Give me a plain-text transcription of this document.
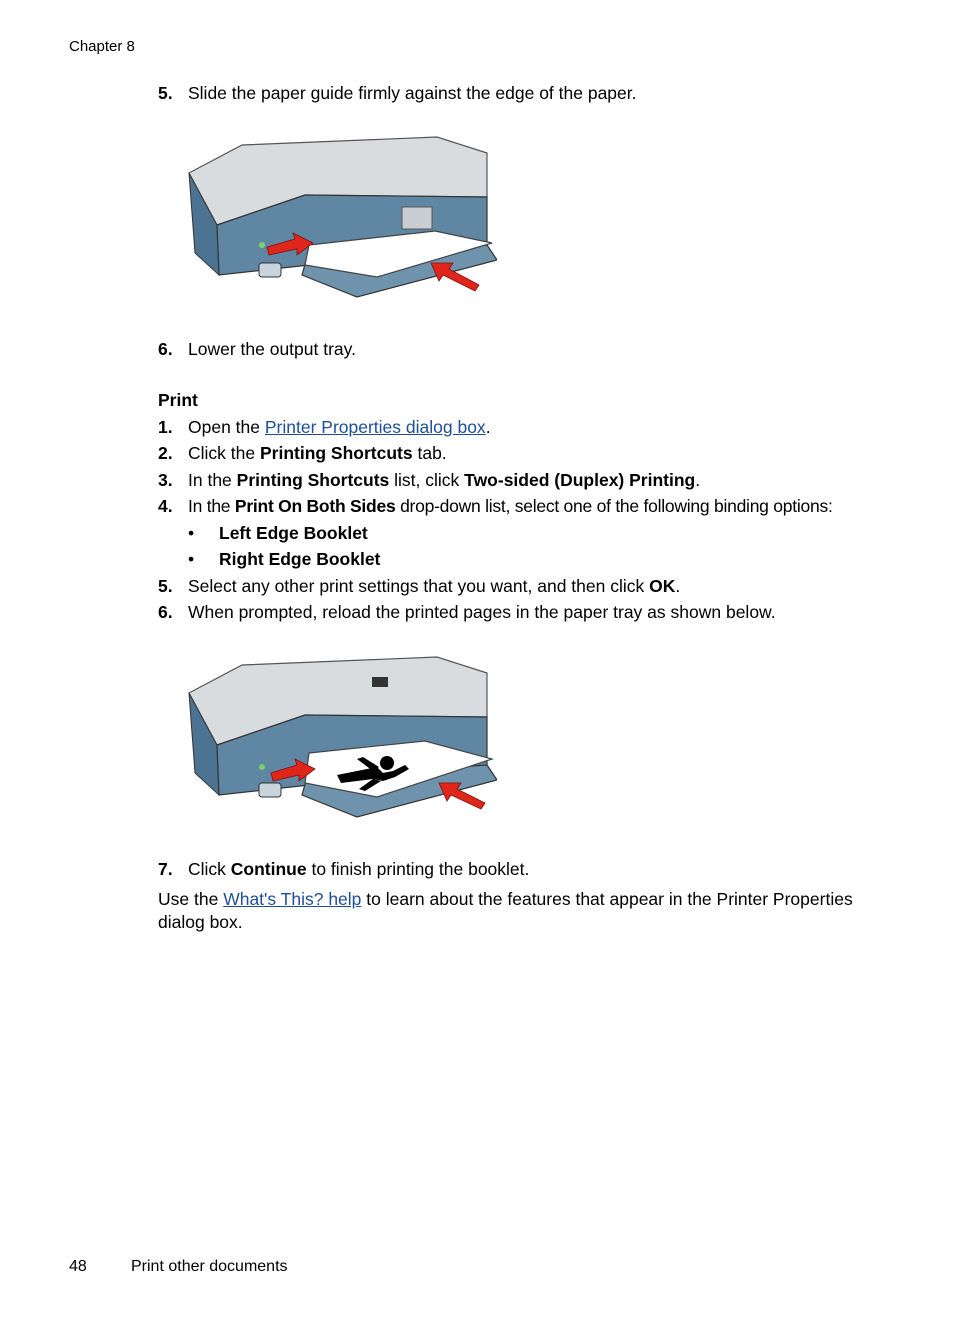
Chapter 8
5. Slide the paper guide firmly against the edge of the paper.
6. Lower the output tray.
Print
1. Open the Printer Properties dialog box.
2. Click the Printing Shortcuts tab.
3. In the Printing Shortcuts list, click Two-sided (Duplex) Printing.
4. In the Print On Both Sides drop-down list, select one of the following binding options:
• Left Edge Booklet
• Right Edge Booklet
5. Select any other print settings that you want, and then click OK.
6. When prompted, reload the printed pages in the paper tray as shown below.
7. Click Continue to finish printing the booklet.
Use the What's This? help to learn about the features that appear in the Printer Properties dialog box.
48	Print other documents
